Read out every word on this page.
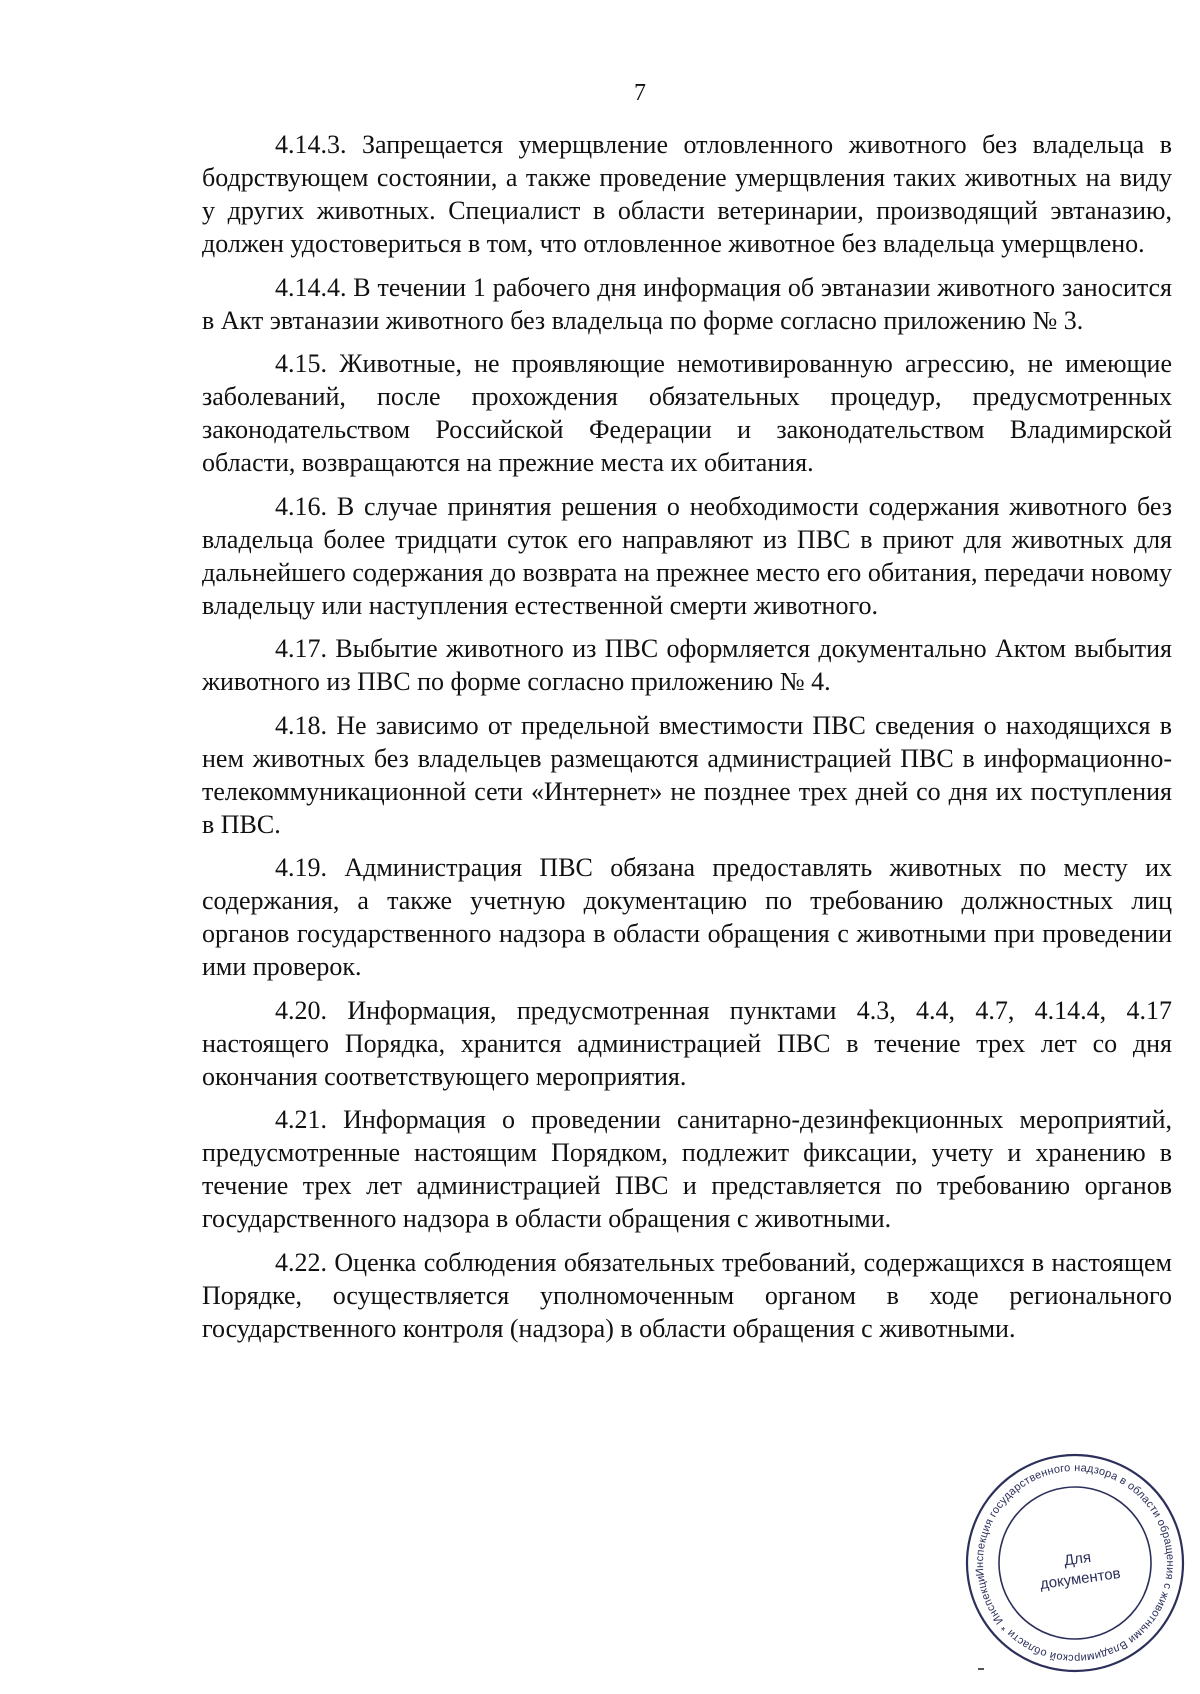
7

4.14.3. Запрещается умерщвление отловленного животного без владельца в бодрствующем состоянии, а также проведение умерщвления таких животных на виду у других животных. Специалист в области ветеринарии, производящий эвтаназию, должен удостовериться в том, что отловленное животное без владельца умерщвлено.

4.14.4. В течении 1 рабочего дня информация об эвтаназии животного заносится в Акт эвтаназии животного без владельца по форме согласно приложению № 3.

4.15. Животные, не проявляющие немотивированную агрессию, не имеющие заболеваний, после прохождения обязательных процедур, предусмотренных законодательством Российской Федерации и законодательством Владимирской области, возвращаются на прежние места их обитания.

4.16. В случае принятия решения о необходимости содержания животного без владельца более тридцати суток его направляют из ПВС в приют для животных для дальнейшего содержания до возврата на прежнее место его обитания, передачи новому владельцу или наступления естественной смерти животного.

4.17. Выбытие животного из ПВС оформляется документально Актом выбытия животного из ПВС по форме согласно приложению № 4.

4.18. Не зависимо от предельной вместимости ПВС сведения о находящихся в нем животных без владельцев размещаются администрацией ПВС в информационно-телекоммуникационной сети «Интернет» не позднее трех дней со дня их поступления в ПВС.

4.19. Администрация ПВС обязана предоставлять животных по месту их содержания, а также учетную документацию по требованию должностных лиц органов государственного надзора в области обращения с животными при проведении ими проверок.

4.20. Информация, предусмотренная пунктами 4.3, 4.4, 4.7, 4.14.4, 4.17 настоящего Порядка, хранится администрацией ПВС в течение трех лет со дня окончания соответствующего мероприятия.

4.21. Информация о проведении санитарно-дезинфекционных мероприятий, предусмотренные настоящим Порядком, подлежит фиксации, учету и хранению в течение трех лет администрацией ПВС и представляется по требованию органов государственного надзора в области обращения с животными.

4.22. Оценка соблюдения обязательных требований, содержащихся в настоящем Порядке, осуществляется уполномоченным органом в ходе регионального государственного контроля (надзора) в области обращения с животными.

Инспекция государственного надзора в области обращения с животными Владимирской области * Инспекция
Для
документов
